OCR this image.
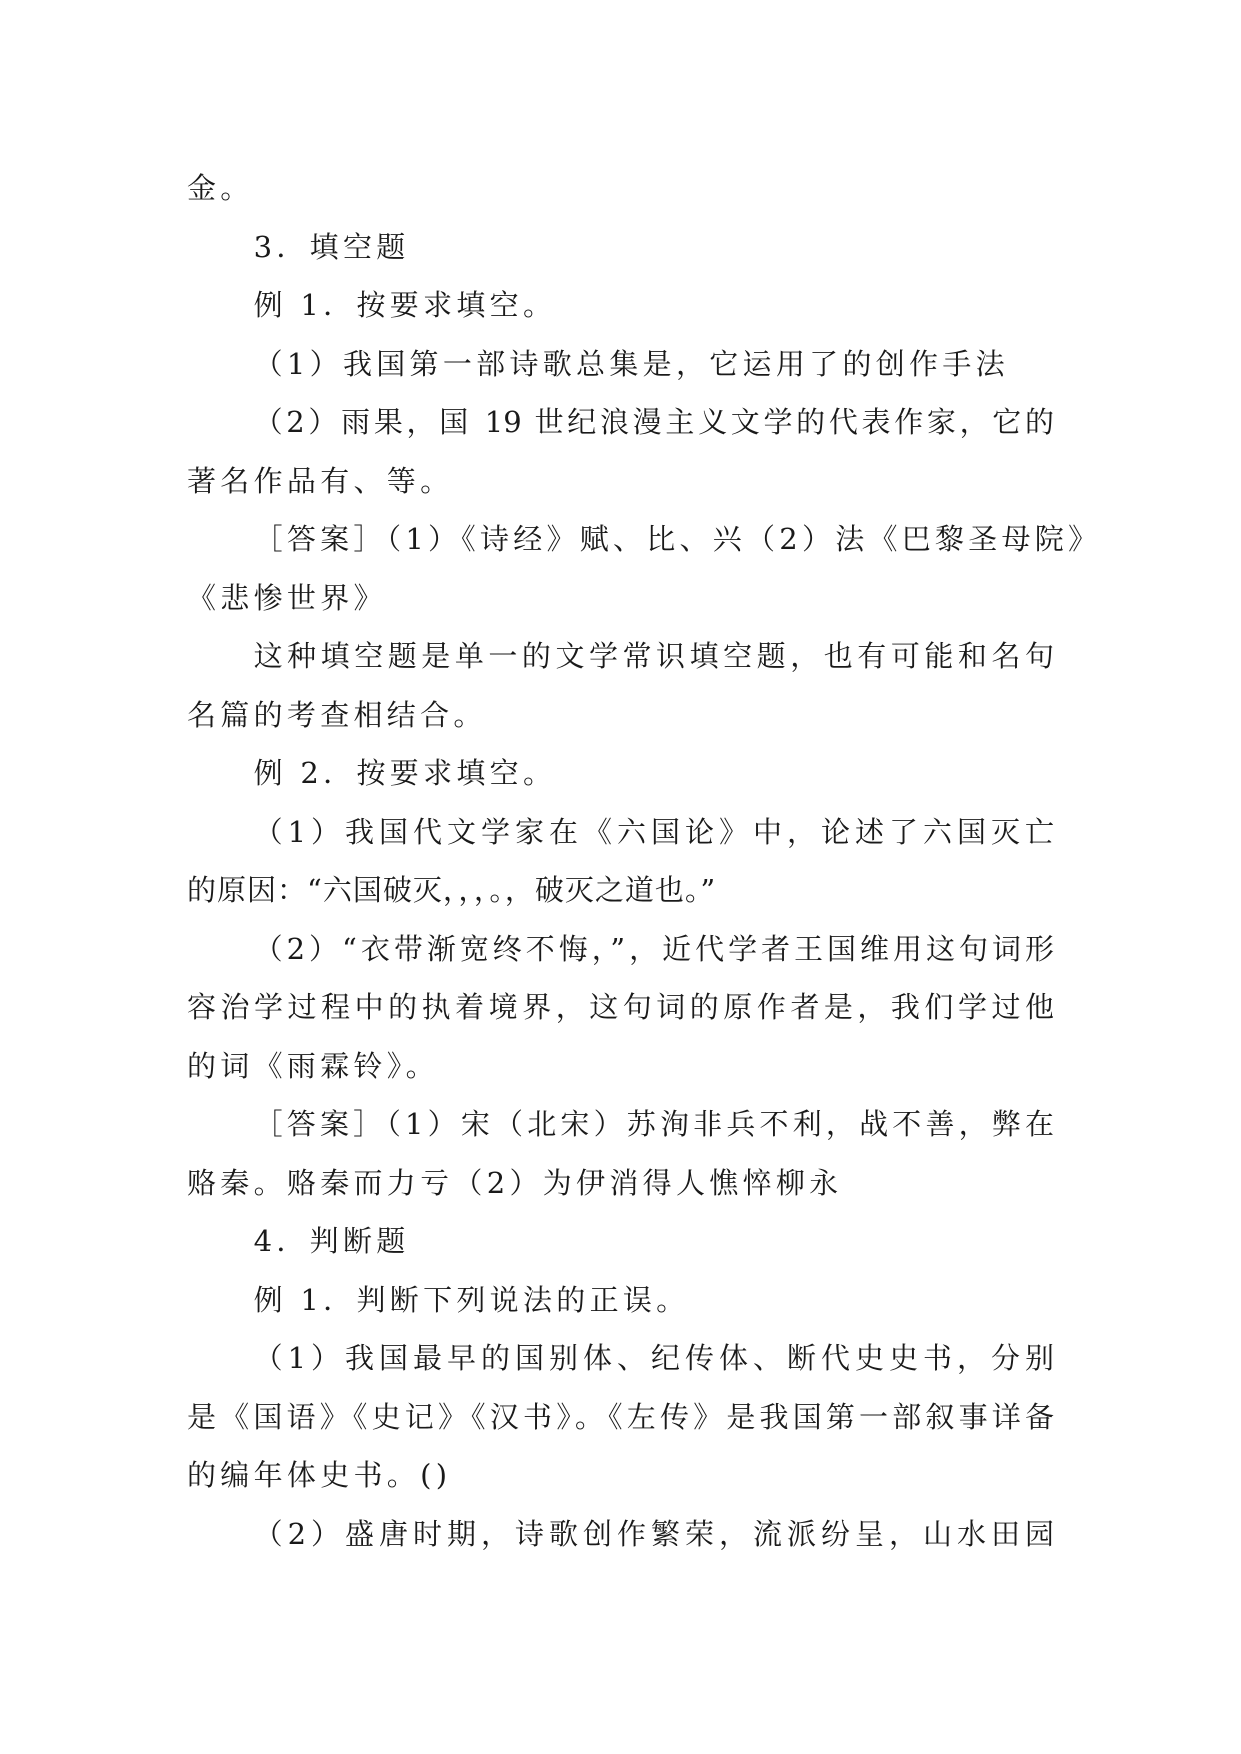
金。
3．填空题
例 1．按要求填空。
（1）我国第一部诗歌总集是，它运用了的创作手法
（2）雨果，国 19 世纪浪漫主义文学的代表作家，它的
著名作品有、等。
［答案］（1）《诗经》赋、比、兴（2）法《巴黎圣母院》
《悲惨世界》
这种填空题是单一的文学常识填空题，也有可能和名句
名篇的考查相结合。
例 2．按要求填空。
（1）我国代文学家在《六国论》中，论述了六国灭亡
的原因：“六国破灭，，，。，破灭之道也。”
（2）“衣带渐宽终不悔，”，近代学者王国维用这句词形
容治学过程中的执着境界，这句词的原作者是，我们学过他
的词《雨霖铃》。
［答案］（1）宋（北宋）苏洵非兵不利，战不善，弊在
赂秦。赂秦而力亏（2）为伊消得人憔悴柳永
4．判断题
例 1．判断下列说法的正误。
（1）我国最早的国别体、纪传体、断代史史书，分别
是《国语》《史记》《汉书》。《左传》是我国第一部叙事详备
的编年体史书。()
（2）盛唐时期，诗歌创作繁荣，流派纷呈，山水田园
